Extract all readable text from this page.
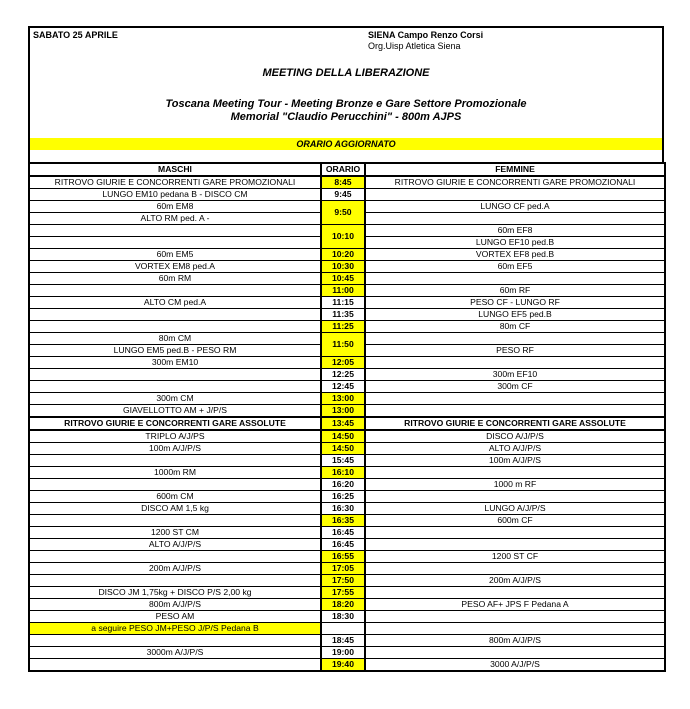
SABATO 25 APRILE	SIENA Campo Renzo Corsi
Org.Uisp Atletica Siena
MEETING DELLA LIBERAZIONE
Toscana Meeting Tour - Meeting Bronze e Gare Settore Promozionale
Memorial "Claudio Perucchini" - 800m AJPS
ORARIO AGGIORNATO
MASCHI	ORARIO	FEMMINE
RITROVO GIURIE E CONCORRENTI GARE PROMOZIONALI	8:45	RITROVO GIURIE E CONCORRENTI GARE PROMOZIONALI
LUNGO EM10 pedana B - DISCO CM	9:45	
60m EM8	9:50	LUNGO CF ped.A
ALTO RM ped. A -		
	10:10	60m EF8
		LUNGO EF10 ped.B
60m EM5	10:20	VORTEX EF8 ped.B
VORTEX EM8 ped.A	10:30	60m EF5
60m RM	10:45	
	11:00	60m RF
ALTO CM ped.A	11:15	PESO CF - LUNGO RF
	11:35	LUNGO EF5 ped.B
	11:25	80m CF
80m CM	11:50	
LUNGO EM5 ped.B - PESO RM		PESO RF
300m EM10	12:05	
	12:25	300m EF10
	12:45	300m CF
300m CM	13:00	
GIAVELLOTTO AM + J/P/S	13:00	
RITROVO GIURIE E CONCORRENTI GARE ASSOLUTE	13:45	RITROVO GIURIE E CONCORRENTI GARE ASSOLUTE
TRIPLO A/J/PS	14:50	DISCO A/J/P/S
100m A/J/P/S	14:50	ALTO A/J/P/S
	15:45	100m A/J/P/S
1000m RM	16:10	
	16:20	1000 m RF
600m CM	16:25	
DISCO AM 1,5 kg	16:30	LUNGO A/J/P/S
	16:35	600m CF
1200 ST CM	16:45	
ALTO A/J/P/S	16:45	
	16:55	1200 ST CF
200m A/J/P/S	17:05	
	17:50	200m A/J/P/S
DISCO JM 1,75kg + DISCO P/S 2,00 kg	17:55	
800m A/J/P/S	18:20	PESO AF+ JPS F Pedana A
PESO AM	18:30	
a seguire PESO JM+PESO J/P/S Pedana B		
	18:45	800m A/J/P/S
3000m A/J/P/S	19:00	
	19:40	3000 A/J/P/S
